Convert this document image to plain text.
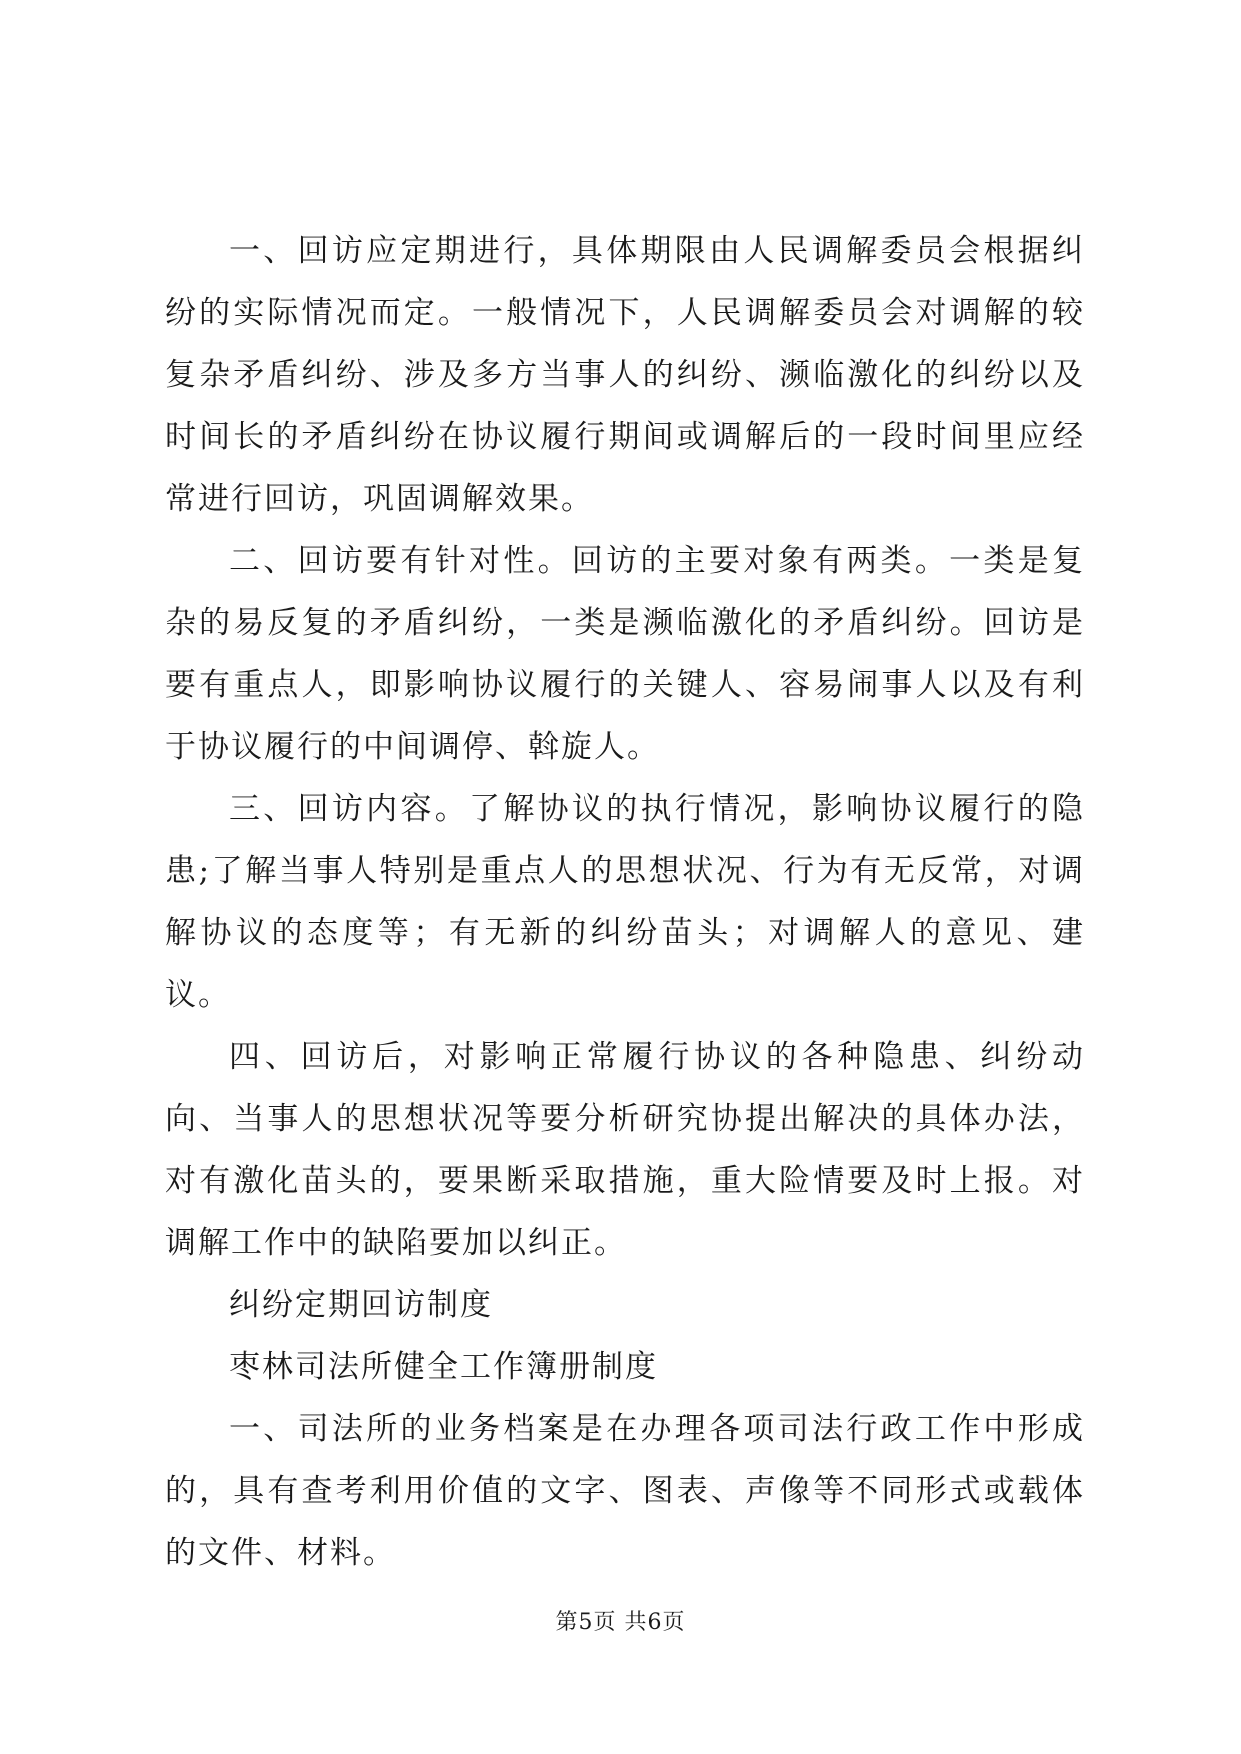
一、回访应定期进行，具体期限由人民调解委员会根据纠纷的实际情况而定。一般情况下，人民调解委员会对调解的较复杂矛盾纠纷、涉及多方当事人的纠纷、濒临激化的纠纷以及时间长的矛盾纠纷在协议履行期间或调解后的一段时间里应经常进行回访，巩固调解效果。

二、回访要有针对性。回访的主要对象有两类。一类是复杂的易反复的矛盾纠纷，一类是濒临激化的矛盾纠纷。回访是要有重点人，即影响协议履行的关键人、容易闹事人以及有利于协议履行的中间调停、斡旋人。

三、回访内容。了解协议的执行情况，影响协议履行的隐患;了解当事人特别是重点人的思想状况、行为有无反常，对调解协议的态度等；有无新的纠纷苗头；对调解人的意见、建议。

四、回访后，对影响正常履行协议的各种隐患、纠纷动向、当事人的思想状况等要分析研究协提出解决的具体办法，对有激化苗头的，要果断采取措施，重大险情要及时上报。对调解工作中的缺陷要加以纠正。

纠纷定期回访制度

枣林司法所健全工作簿册制度

一、司法所的业务档案是在办理各项司法行政工作中形成的，具有查考利用价值的文字、图表、声像等不同形式或载体的文件、材料。

第5页 共6页
